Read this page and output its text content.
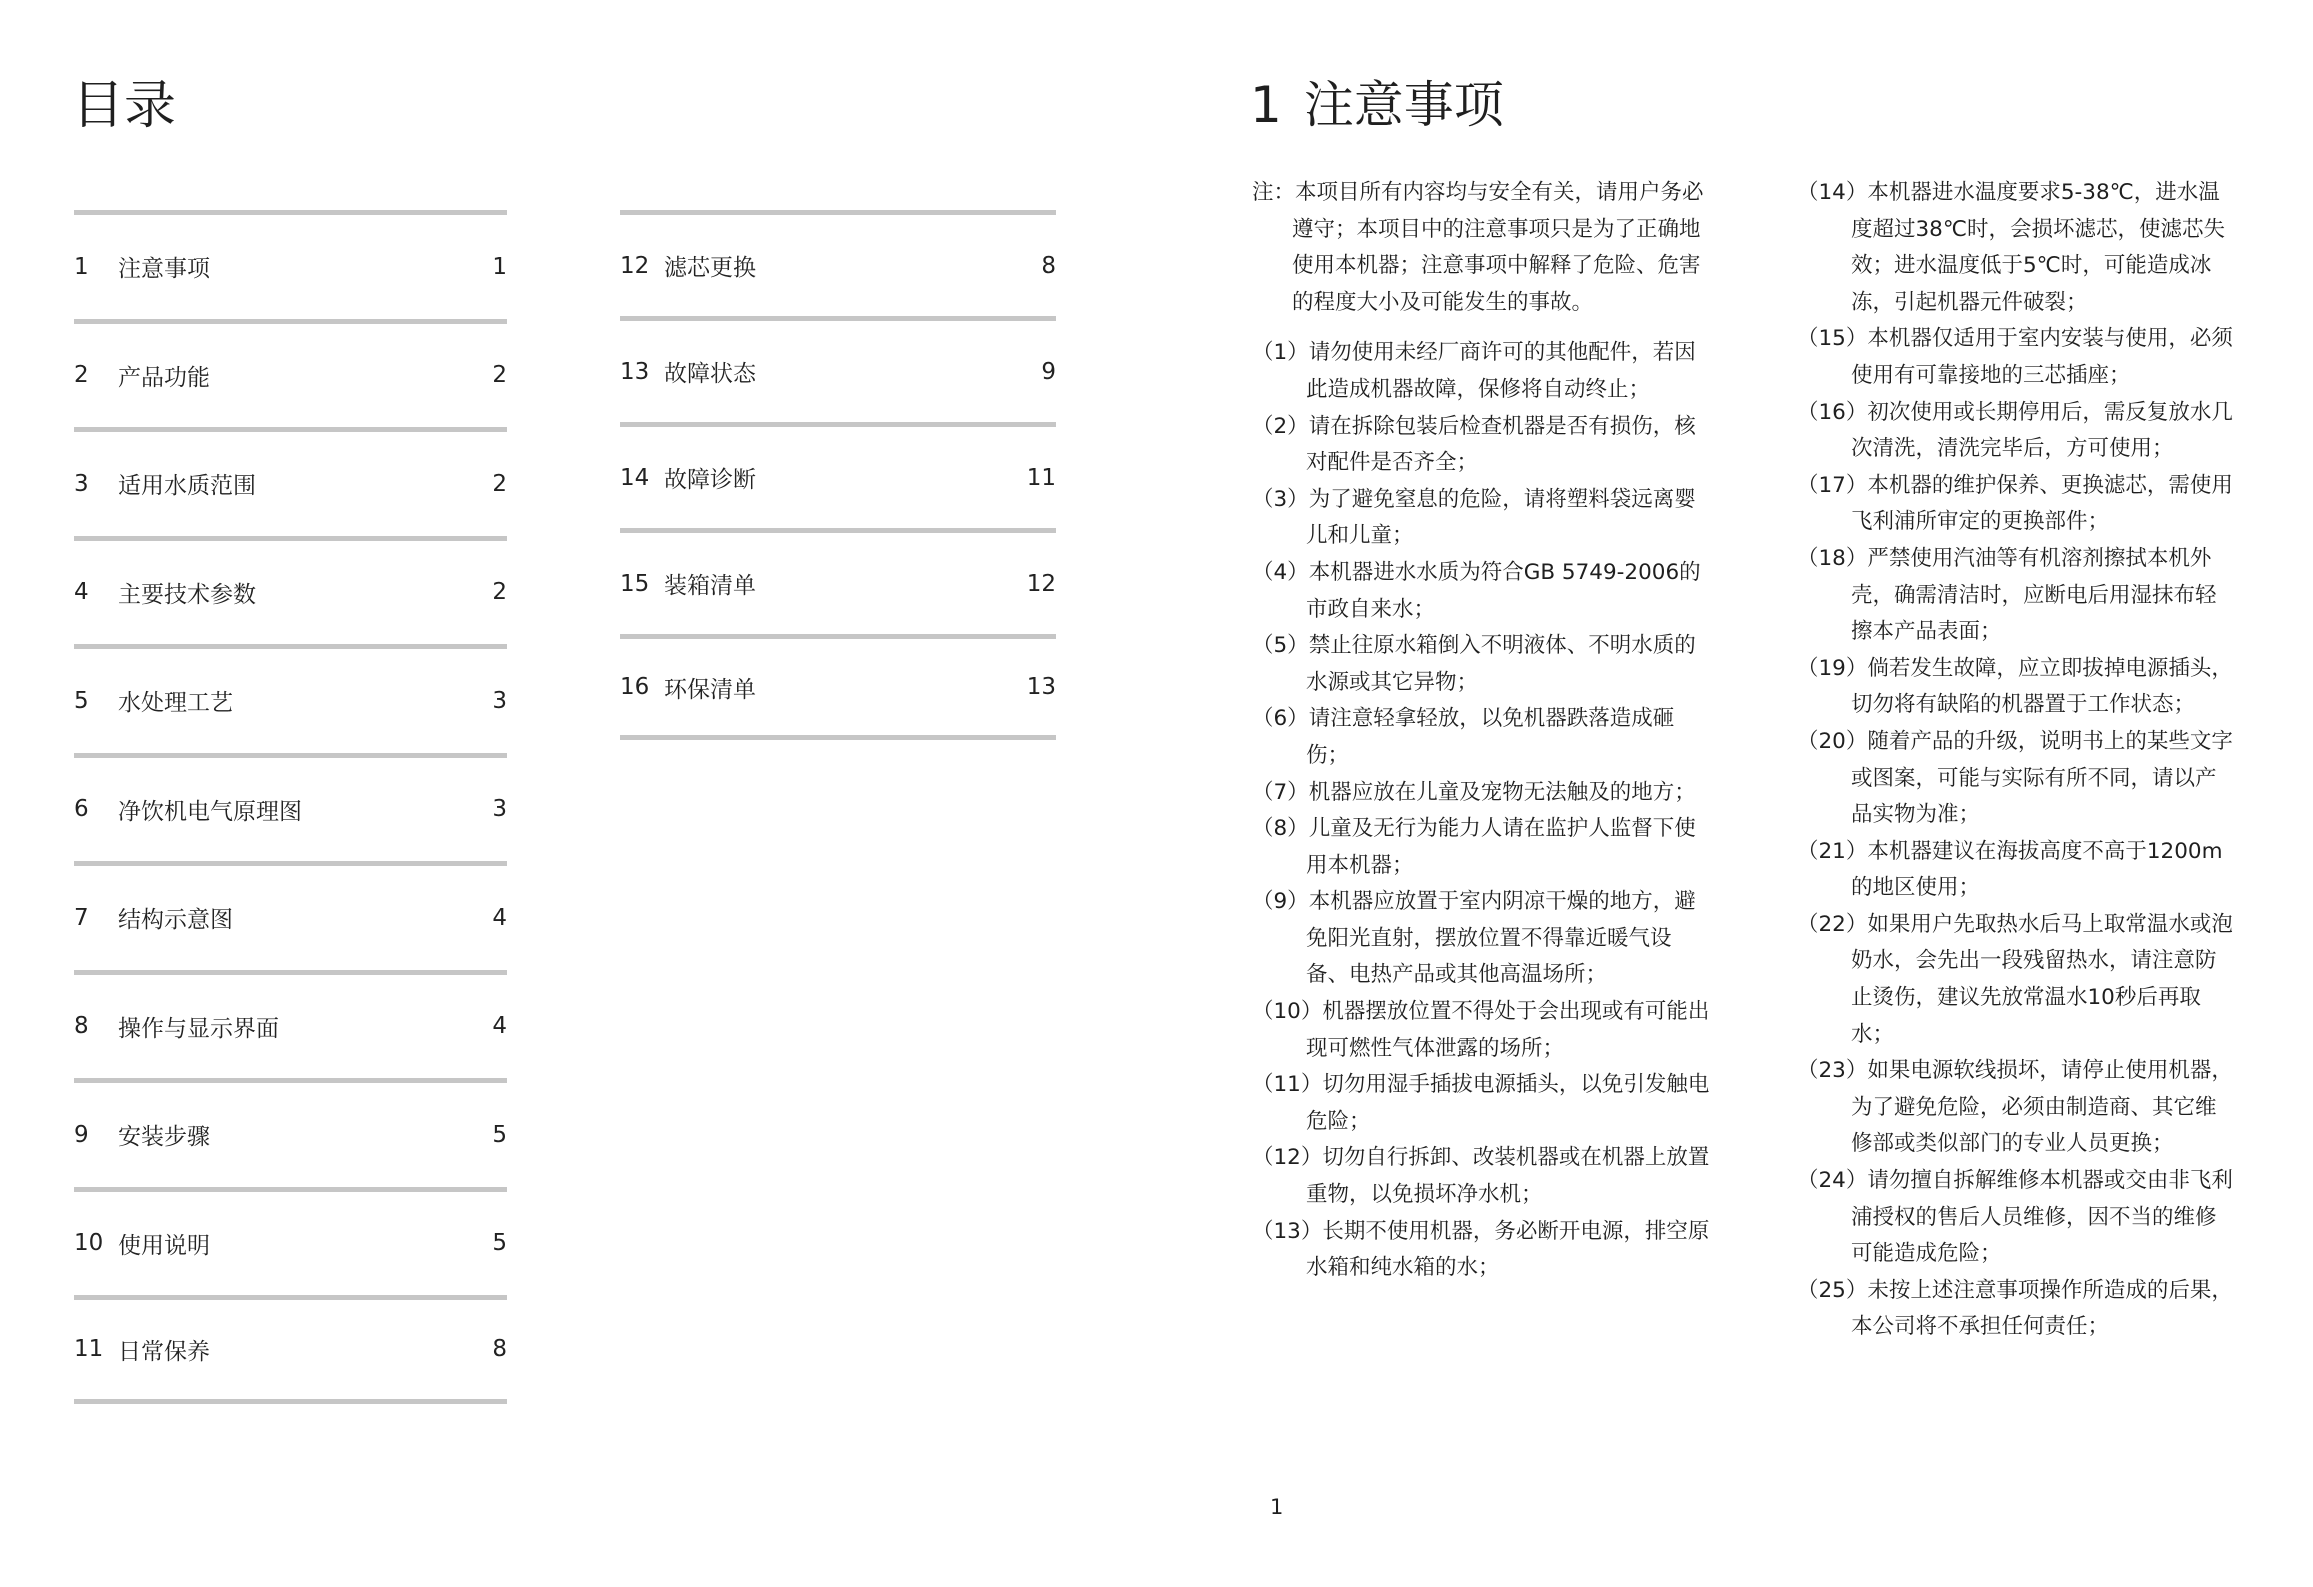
目录
1	注意事项	1
2	产品功能	2
3	适用水质范围	2
4	主要技术参数	2
5	水处理工艺	3
6	净饮机电气原理图	3
7	结构示意图	4
8	操作与显示界面	4
9	安装步骤	5
10 使用说明	5
11 日常保养	8
12 滤芯更换	8
13 故障状态	9
14 故障诊断	11
15 装箱清单	12
16 环保清单	13
1 注意事项

注：本项目所有内容均与安全有关，请用户务必遵守；本项目中的注意事项只是为了正确地使用本机器；注意事项中解释了危险、危害的程度大小及可能发生的事故。

（1）请勿使用未经厂商许可的其他配件，若因此造成机器故障，保修将自动终止；

（2）请在拆除包装后检查机器是否有损伤，核对配件是否齐全；

（3）为了避免窒息的危险，请将塑料袋远离婴儿和儿童；

（4）本机器进水水质为符合GB 5749-2006的市政自来水；

（5）禁止往原水箱倒入不明液体、不明水质的水源或其它异物；

（6）请注意轻拿轻放，以免机器跌落造成砸伤；

（7）机器应放在儿童及宠物无法触及的地方；

（8）儿童及无行为能力人请在监护人监督下使用本机器；

（9）本机器应放置于室内阴凉干燥的地方，避免阳光直射，摆放位置不得靠近暖气设备、电热产品或其他高温场所；

（10）机器摆放位置不得处于会出现或有可能出现可燃性气体泄露的场所；

（11）切勿用湿手插拔电源插头，以免引发触电危险；

（12）切勿自行拆卸、改装机器或在机器上放置重物，以免损坏净水机；

（13）长期不使用机器，务必断开电源，排空原水箱和纯水箱的水；

（14）本机器进水温度要求5-38℃，进水温度超过38℃时，会损坏滤芯，使滤芯失效；进水温度低于5℃时，可能造成冰冻，引起机器元件破裂；

（15）本机器仅适用于室内安装与使用，必须使用有可靠接地的三芯插座；

（16）初次使用或长期停用后，需反复放水几次清洗，清洗完毕后，方可使用；

（17）本机器的维护保养、更换滤芯，需使用飞利浦所审定的更换部件；

（18）严禁使用汽油等有机溶剂擦拭本机外壳，确需清洁时，应断电后用湿抹布轻擦本产品表面；

（19）倘若发生故障，应立即拔掉电源插头，切勿将有缺陷的机器置于工作状态；

（20）随着产品的升级，说明书上的某些文字或图案，可能与实际有所不同，请以产品实物为准；

（21）本机器建议在海拔高度不高于1200m的地区使用；

（22）如果用户先取热水后马上取常温水或泡奶水，会先出一段残留热水，请注意防止烫伤，建议先放常温水10秒后再取水；

（23）如果电源软线损坏，请停止使用机器，为了避免危险，必须由制造商、其它维修部或类似部门的专业人员更换；

（24）请勿擅自拆解维修本机器或交由非飞利浦授权的售后人员维修，因不当的维修可能造成危险；

（25）未按上述注意事项操作所造成的后果，本公司将不承担任何责任；

1
